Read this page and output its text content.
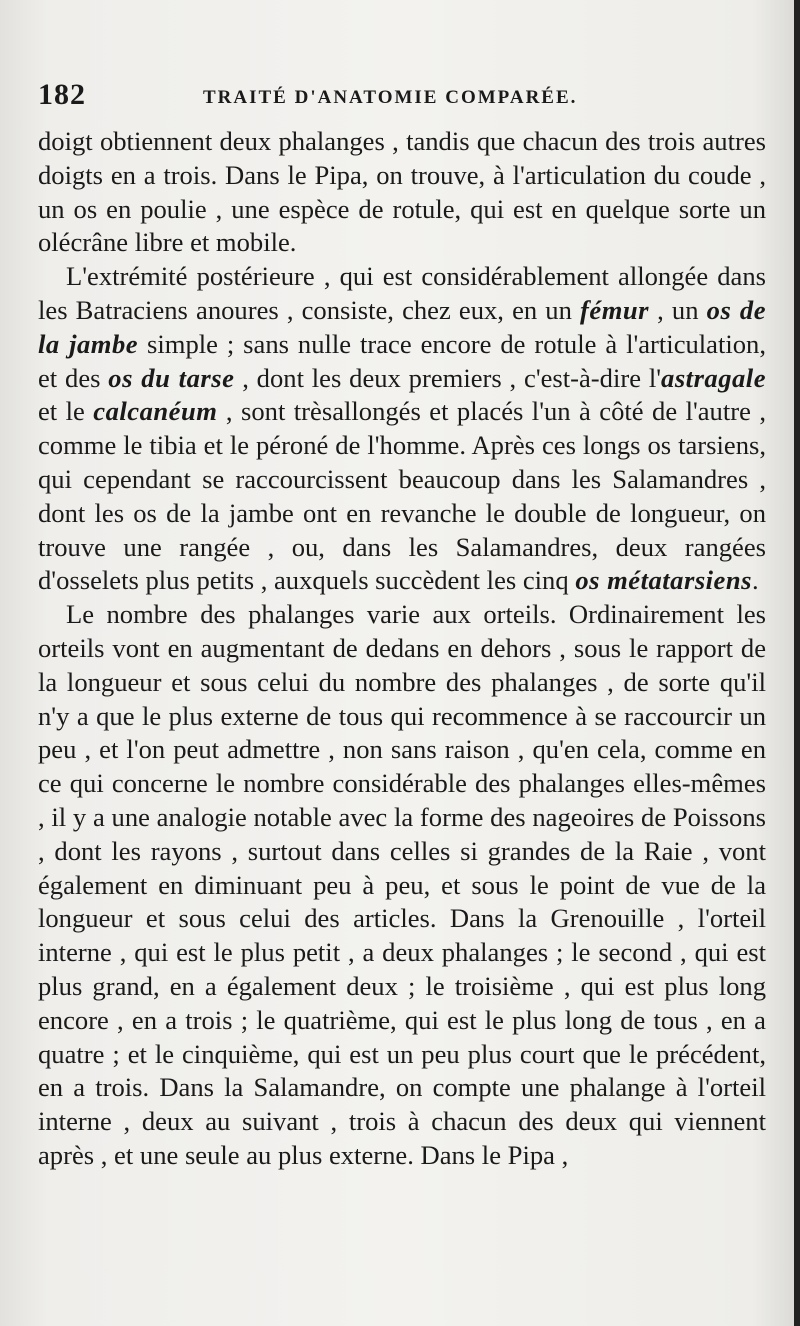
182	TRAITÉ D'ANATOMIE COMPARÉE.

doigt obtiennent deux phalanges , tandis que chacun des trois autres doigts en a trois. Dans le Pipa, on trouve, à l'articulation du coude , un os en poulie , une espèce de rotule, qui est en quelque sorte un olécrâne libre et mobile.

L'extrémité postérieure , qui est considérablement allongée dans les Batraciens anoures , consiste, chez eux, en un fémur , un os de la jambe simple ; sans nulle trace encore de rotule à l'articulation, et des os du tarse , dont les deux premiers , c'est-à-dire l'astragale et le calcanéum , sont trèsallongés et placés l'un à côté de l'autre , comme le tibia et le péroné de l'homme. Après ces longs os tarsiens, qui cependant se raccourcissent beaucoup dans les Salamandres , dont les os de la jambe ont en revanche le double de longueur, on trouve une rangée , ou, dans les Salamandres, deux rangées d'osselets plus petits , auxquels succèdent les cinq os métatarsiens.

Le nombre des phalanges varie aux orteils. Ordinairement les orteils vont en augmentant de dedans en dehors , sous le rapport de la longueur et sous celui du nombre des phalanges , de sorte qu'il n'y a que le plus externe de tous qui recommence à se raccourcir un peu , et l'on peut admettre , non sans raison , qu'en cela, comme en ce qui concerne le nombre considérable des phalanges elles-mêmes , il y a une analogie notable avec la forme des nageoires de Poissons , dont les rayons , surtout dans celles si grandes de la Raie , vont également en diminuant peu à peu, et sous le point de vue de la longueur et sous celui des articles. Dans la Grenouille , l'orteil interne , qui est le plus petit , a deux phalanges ; le second , qui est plus grand, en a également deux ; le troisième , qui est plus long encore , en a trois ; le quatrième, qui est le plus long de tous , en a quatre ; et le cinquième, qui est un peu plus court que le précédent, en a trois. Dans la Salamandre, on compte une phalange à l'orteil interne , deux au suivant , trois à chacun des deux qui viennent après , et une seule au plus externe. Dans le Pipa ,
